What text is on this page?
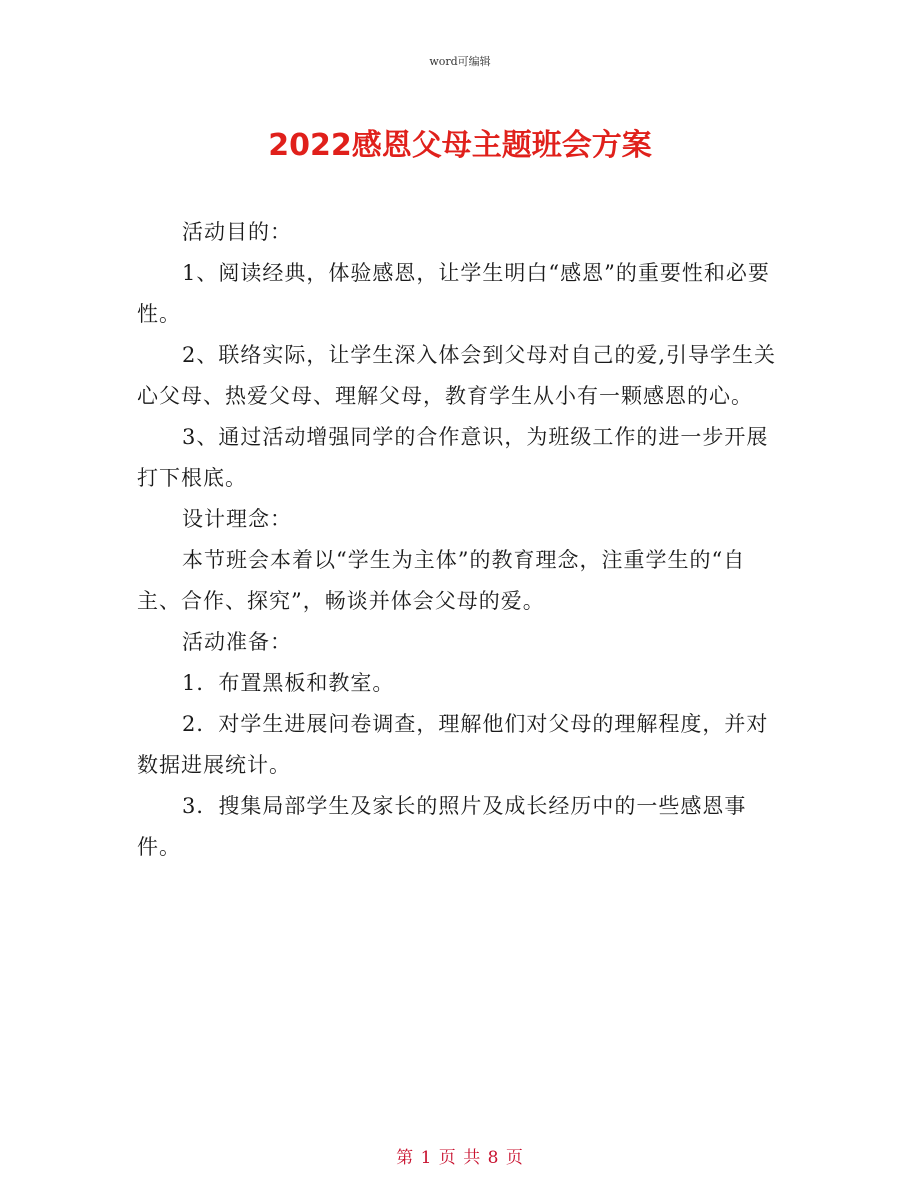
word可编辑
2022感恩父母主题班会方案

活动目的：

1、阅读经典，体验感恩，让学生明白“感恩”的重要性和必要性。

2、联络实际，让学生深入体会到父母对自己的爱,引导学生关心父母、热爱父母、理解父母，教育学生从小有一颗感恩的心。

3、通过活动增强同学的合作意识，为班级工作的进一步开展打下根底。

设计理念：

本节班会本着以“学生为主体”的教育理念，注重学生的“自主、合作、探究”，畅谈并体会父母的爱。

活动准备：

1．布置黑板和教室。

2．对学生进展问卷调查，理解他们对父母的理解程度，并对数据进展统计。

3．搜集局部学生及家长的照片及成长经历中的一些感恩事件。

第 1 页 共 8 页
